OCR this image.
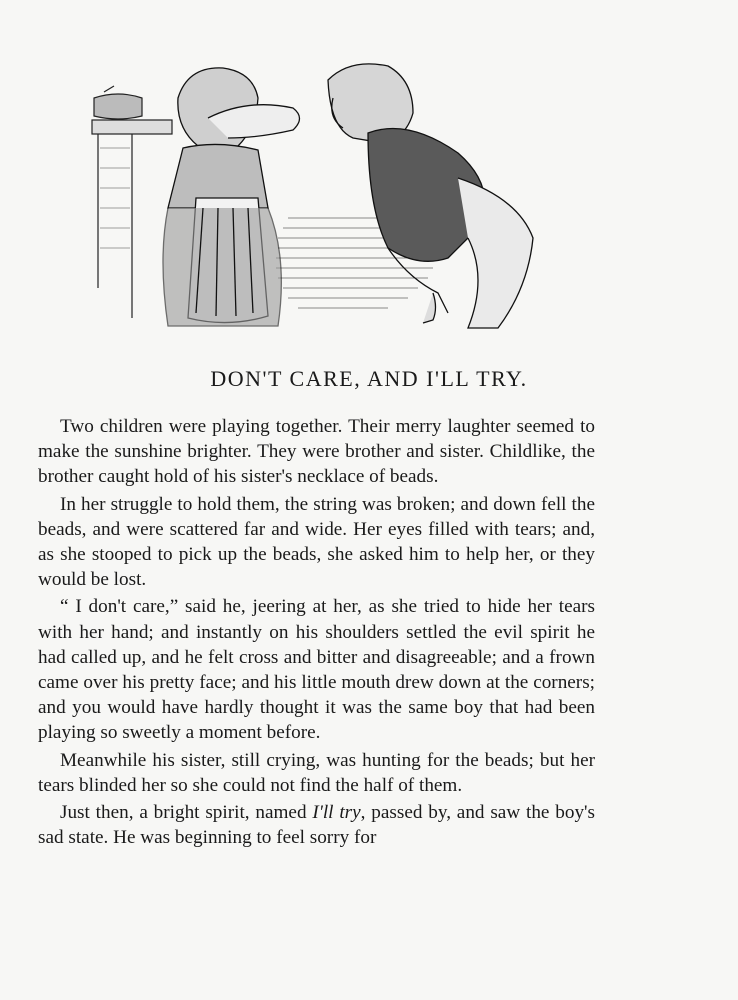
DON'T CARE, AND I'LL TRY.

Two children were playing together. Their merry laughter seemed to make the sunshine brighter. They were brother and sister. Childlike, the brother caught hold of his sister's necklace of beads.

In her struggle to hold them, the string was broken; and down fell the beads, and were scattered far and wide. Her eyes filled with tears; and, as she stooped to pick up the beads, she asked him to help her, or they would be lost.

“ I don't care,” said he, jeering at her, as she tried to hide her tears with her hand; and instantly on his shoulders settled the evil spirit he had called up, and he felt cross and bitter and disagreeable; and a frown came over his pretty face; and his little mouth drew down at the corners; and you would have hardly thought it was the same boy that had been playing so sweetly a moment before.

Meanwhile his sister, still crying, was hunting for the beads; but her tears blinded her so she could not find the half of them.

Just then, a bright spirit, named I'll try, passed by, and saw the boy's sad state. He was beginning to feel sorry for
